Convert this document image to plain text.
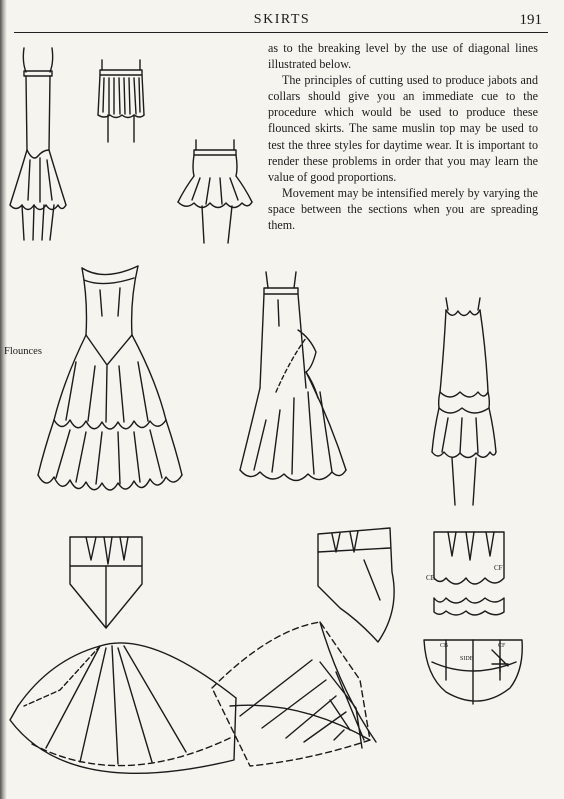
SKIRTS	191

as to the breaking level by the use of diagonal lines illustrated below.

The principles of cutting used to produce jabots and collars should give you an immediate cue to the procedure which would be used to produce these flounced skirts. The same muslin top may be used to test the three styles for daytime wear. It is important to render these problems in order that you may learn the value of good proportions.

Movement may be intensified merely by varying the space between the sections when you are spreading them.

Flounces
CB
CF
CB	CF
SIDE
